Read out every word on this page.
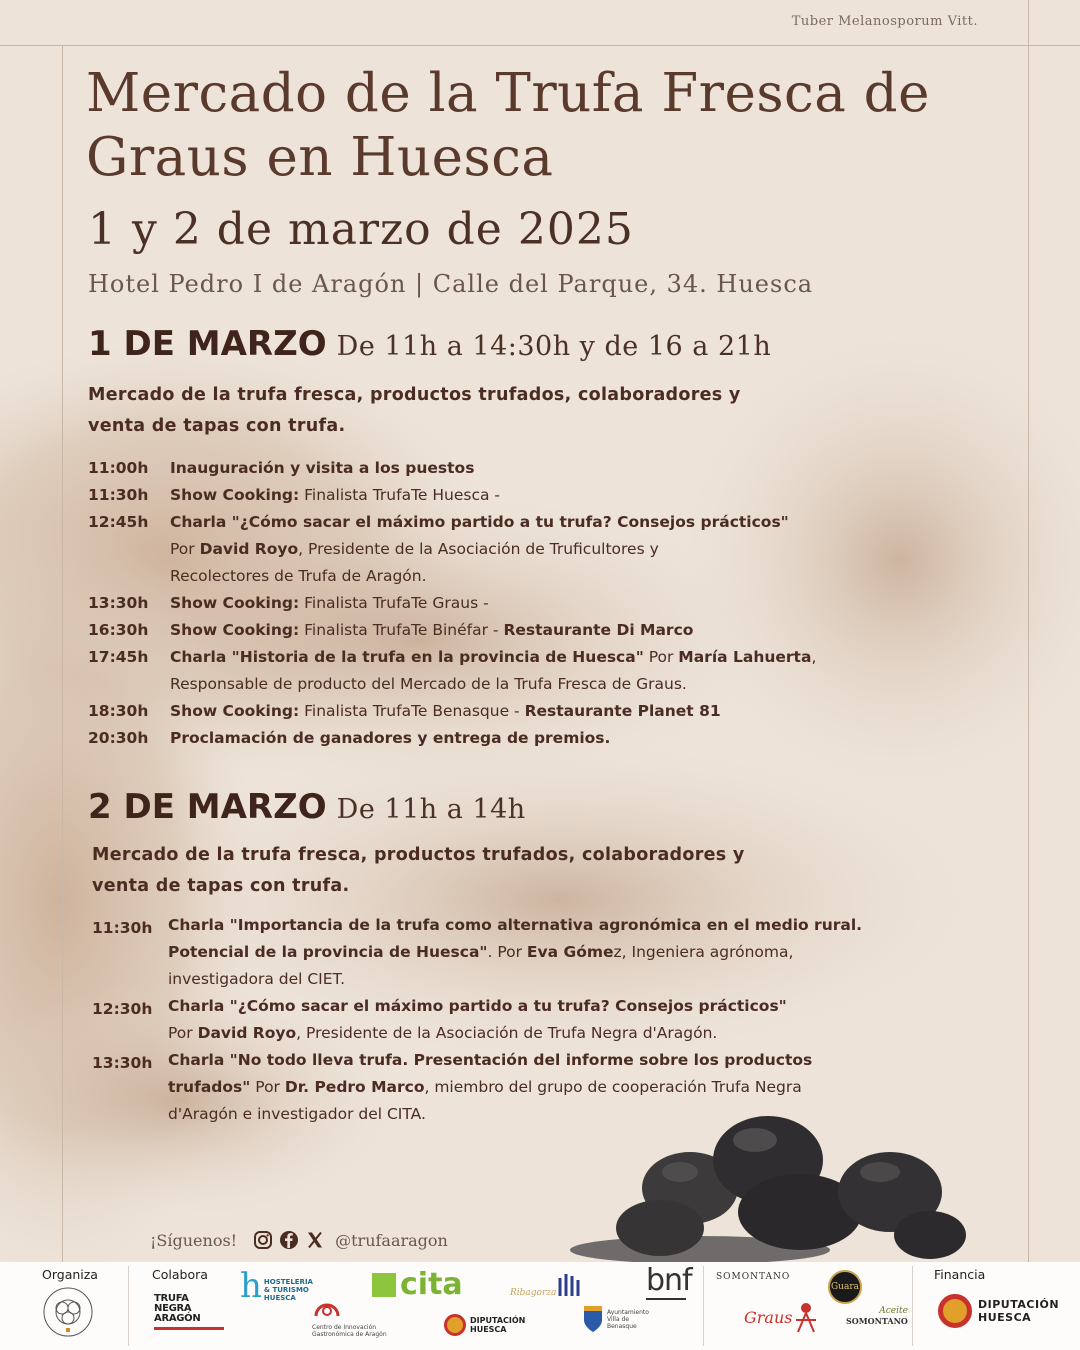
Tuber Melanosporum Vitt.
Mercado de la Trufa Fresca de
Graus en Huesca
1 y 2 de marzo de 2025
Hotel Pedro I de Aragón | Calle del Parque, 34. Huesca
1 DE MARZO De 11h a 14:30h y de 16 a 21h
Mercado de la trufa fresca, productos trufados, colaboradores y
venta de tapas con trufa.
11:00h	Inauguración y visita a los puestos
11:30h	Show Cooking: Finalista TrufaTe Huesca -
12:45h	Charla "¿Cómo sacar el máximo partido a tu trufa? Consejos prácticos"
Por David Royo, Presidente de la Asociación de Truficultores y
Recolectores de Trufa de Aragón.
13:30h	Show Cooking: Finalista TrufaTe Graus -
16:30h	Show Cooking: Finalista TrufaTe Binéfar - Restaurante Di Marco
17:45h	Charla "Historia de la trufa en la provincia de Huesca" Por María Lahuerta,
Responsable de producto del Mercado de la Trufa Fresca de Graus.
18:30h	Show Cooking: Finalista TrufaTe Benasque - Restaurante Planet 81
20:30h	Proclamación de ganadores y entrega de premios.
2 DE MARZO De 11h a 14h
Mercado de la trufa fresca, productos trufados, colaboradores y
venta de tapas con trufa.
11:30h	Charla "Importancia de la trufa como alternativa agronómica en el medio rural.
Potencial de la provincia de Huesca". Por Eva Gómez, Ingeniera agrónoma,
investigadora del CIET.
12:30h	Charla "¿Cómo sacar el máximo partido a tu trufa? Consejos prácticos"
Por David Royo, Presidente de la Asociación de Trufa Negra d'Aragón.
13:30h	Charla "No todo lleva trufa. Presentación del informe sobre los productos
trufados" Por Dr. Pedro Marco, miembro del grupo de cooperación Trufa Negra
d'Aragón e investigador del CITA.
¡Síguenos!	@trufaaragon
Organiza	Colabora	Financia
TRUFA NEGRA ARAGÓN
h HOSTELERIA
& TURISMO
HUESCA
Centro de Innovación
Gastronómica de Aragón
cita
DIPUTACIÓN
HUESCA
Ribagorza	bnf
Ayuntamiento
Villa de
Benasque
SOMONTANO
Guara
Graus	Aceite
SOMONTANO
DIPUTACIÓN
HUESCA
